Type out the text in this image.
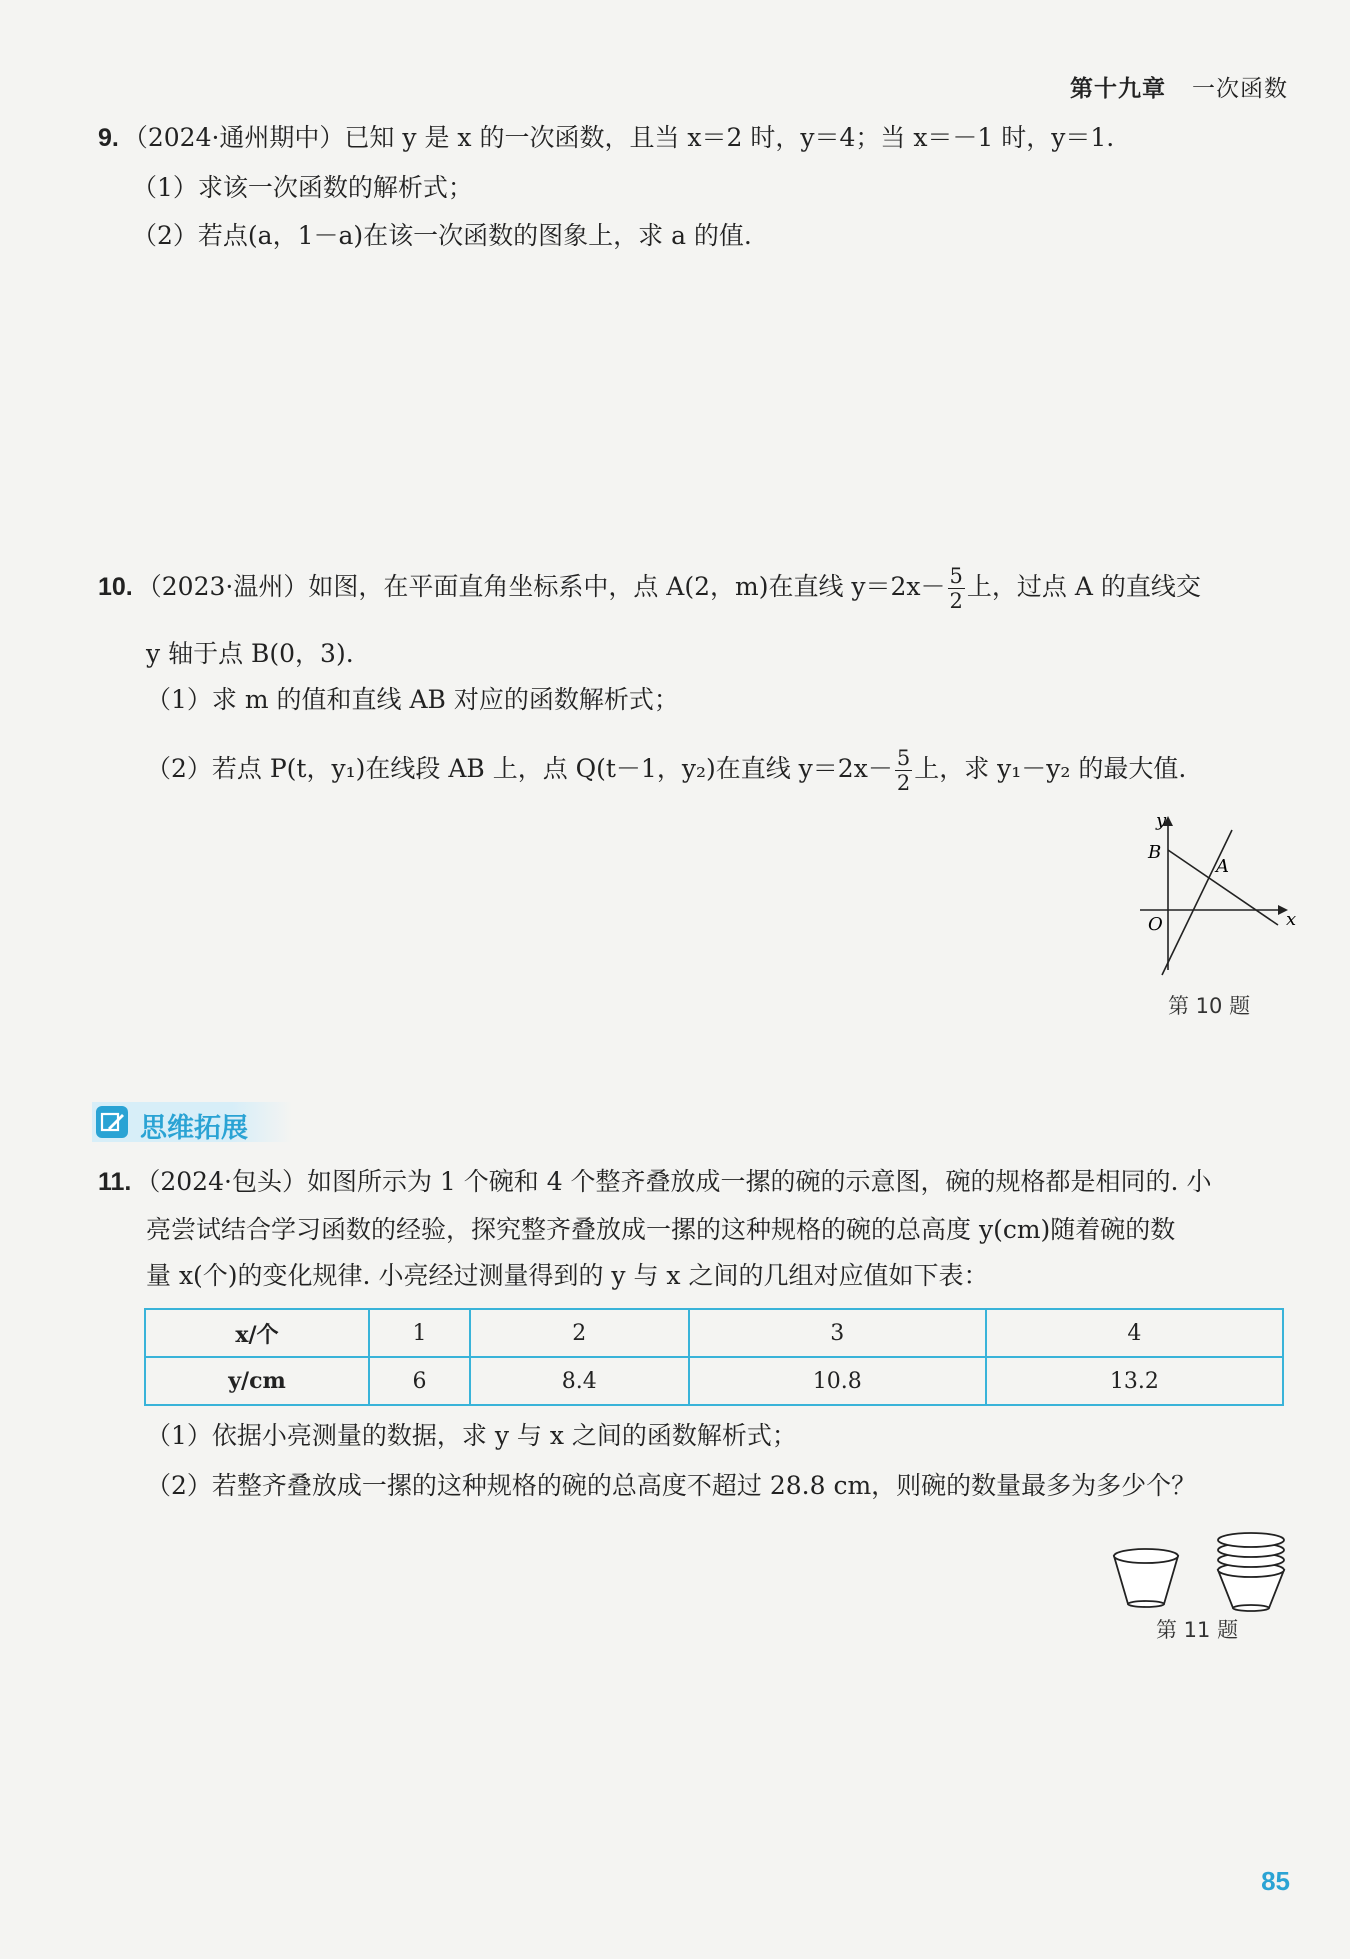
第十九章 一次函数
9. （2024·通州期中）已知 y 是 x 的一次函数，且当 x＝2 时，y＝4；当 x＝－1 时，y＝1.
（1）求该一次函数的解析式；
（2）若点(a，1－a)在该一次函数的图象上，求 a 的值.
10. （2023·温州）如图，在平面直角坐标系中，点 A(2，m)在直线 $y=2x- \frac{5}{2}$ 上，过点 A 的直线交
y 轴于点 B(0，3).
（1）求 m 的值和直线 AB 对应的函数解析式；
（2）若点 P(t，y₁)在线段 AB 上，点 Q(t－1，y₂)在直线 $y=2x- \frac{5}{2}$ 上，求 y₁－y₂ 的最大值.
y
x
B
A
O
第 10 题
思维拓展
11. （2024·包头）如图所示为 1 个碗和 4 个整齐叠放成一摞的碗的示意图，碗的规格都是相同的. 小
亮尝试结合学习函数的经验，探究整齐叠放成一摞的这种规格的碗的总高度 y(cm)随着碗的数
量 x(个)的变化规律. 小亮经过测量得到的 y 与 x 之间的几组对应值如下表：
x/个	1	2	3	4
y/cm	6	8.4	10.8	13.2
（1）依据小亮测量的数据，求 y 与 x 之间的函数解析式；
（2）若整齐叠放成一摞的这种规格的碗的总高度不超过 28.8 cm，则碗的数量最多为多少个？
第 11 题
85
